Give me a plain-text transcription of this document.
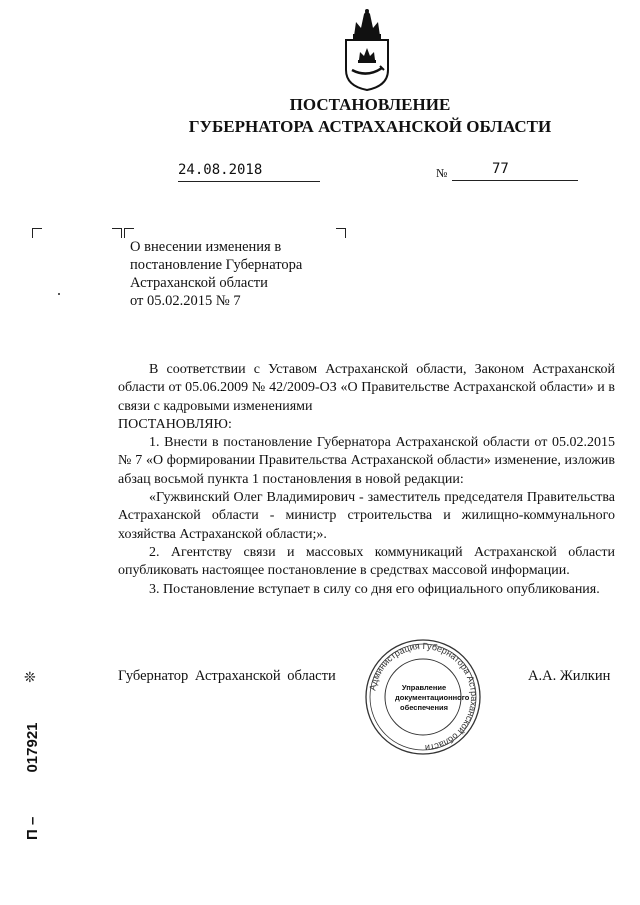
ПОСТАНОВЛЕНИЕ
ГУБЕРНАТОРА АСТРАХАНСКОЙ ОБЛАСТИ
24.08.2018	№	77
О внесении изменения в
постановление Губернатора
Астраханской области
от 05.02.2015 № 7

В соответствии с Уставом Астраханской области, Законом Астраханской области от 05.06.2009 № 42/2009-ОЗ «О Правительстве Астраханской области» и в связи с кадровыми изменениями

ПОСТАНОВЛЯЮ:

1. Внести в постановление Губернатора Астраханской области от 05.02.2015 № 7 «О формировании Правительства Астраханской области» изменение, изложив абзац восьмой пункта 1 постановления в новой редакции:

«Гужвинский Олег Владимирович - заместитель председателя Правительства Астраханской области - министр строительства и жилищно-коммунального хозяйства Астраханской области;».

2. Агентству связи и массовых коммуникаций Астраханской области опубликовать настоящее постановление в средствах массовой информации.

3. Постановление вступает в силу со дня его официального опубликования.

Губернатор Астраханской области	А.А. Жилкин
Администрация Губернатора Астраханской области
Управление
документационного
обеспечения
❊
П – 017921
